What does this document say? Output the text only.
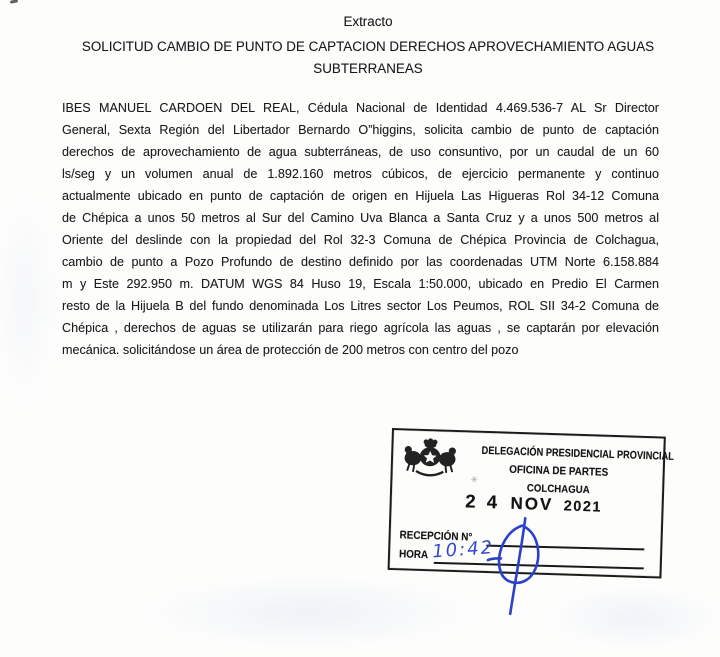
Extracto
SOLICITUD CAMBIO DE PUNTO DE CAPTACION DERECHOS APROVECHAMIENTO AGUAS
SUBTERRANEAS
IBES MANUEL CARDOEN DEL REAL, Cédula Nacional de Identidad 4.469.536-7 AL Sr Director
General, Sexta Región del Libertador Bernardo O”higgins, solicita cambio de punto de captación
derechos de aprovechamiento de agua subterráneas, de uso consuntivo, por un caudal de un 60
ls/seg y un volumen anual de 1.892.160 metros cúbicos, de ejercicio permanente y continuo
actualmente ubicado en punto de captación de origen en Hijuela Las Higueras Rol 34-12 Comuna
de Chépica a unos 50 metros al Sur del Camino Uva Blanca a Santa Cruz y a unos 500 metros al
Oriente del deslinde con la propiedad del Rol 32-3 Comuna de Chépica Provincia de Colchagua,
cambio de punto a Pozo Profundo de destino definido por las coordenadas UTM Norte 6.158.884
m y Este 292.950 m. DATUM WGS 84 Huso 19, Escala 1:50.000, ubicado en Predio El Carmen
resto de la Hijuela B del fundo denominada Los Litres sector Los Peumos, ROL SII 34-2 Comuna de
Chépica , derechos de aguas se utilizarán para riego agrícola las aguas , se captarán por elevación
mecánica. solicitándose un área de protección de 200 metros con centro del pozo
DELEGACIÓN PRESIDENCIAL PROVINCIAL
OFICINA DE PARTES
COLCHAGUA
✳
2 4 NOV 2021
RECEPCIÓN N°
HORA 10:42
